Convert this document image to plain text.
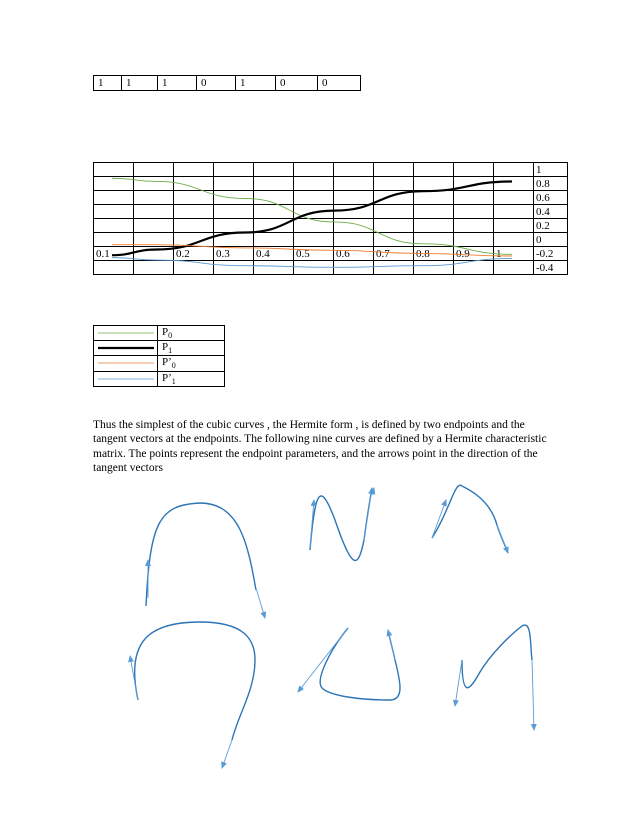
1	1	1	0	1	0	0
											1
											0.8
											0.6
											0.4
											0.2
											0
0.1		0.2	0.3	0.4	0.5	0.6	0.7	0.8	0.9	1	-0.2
											-0.4
	$P_0$

	$P_1$

	$P’_0$

	$P’_1$
Thus the simplest of the cubic curves , the Hermite form , is defined by two endpoints and the tangent vectors at the endpoints. The following nine curves are defined by a Hermite characteristic matrix. The points represent the endpoint parameters, and the arrows point in the direction of the tangent vectors
